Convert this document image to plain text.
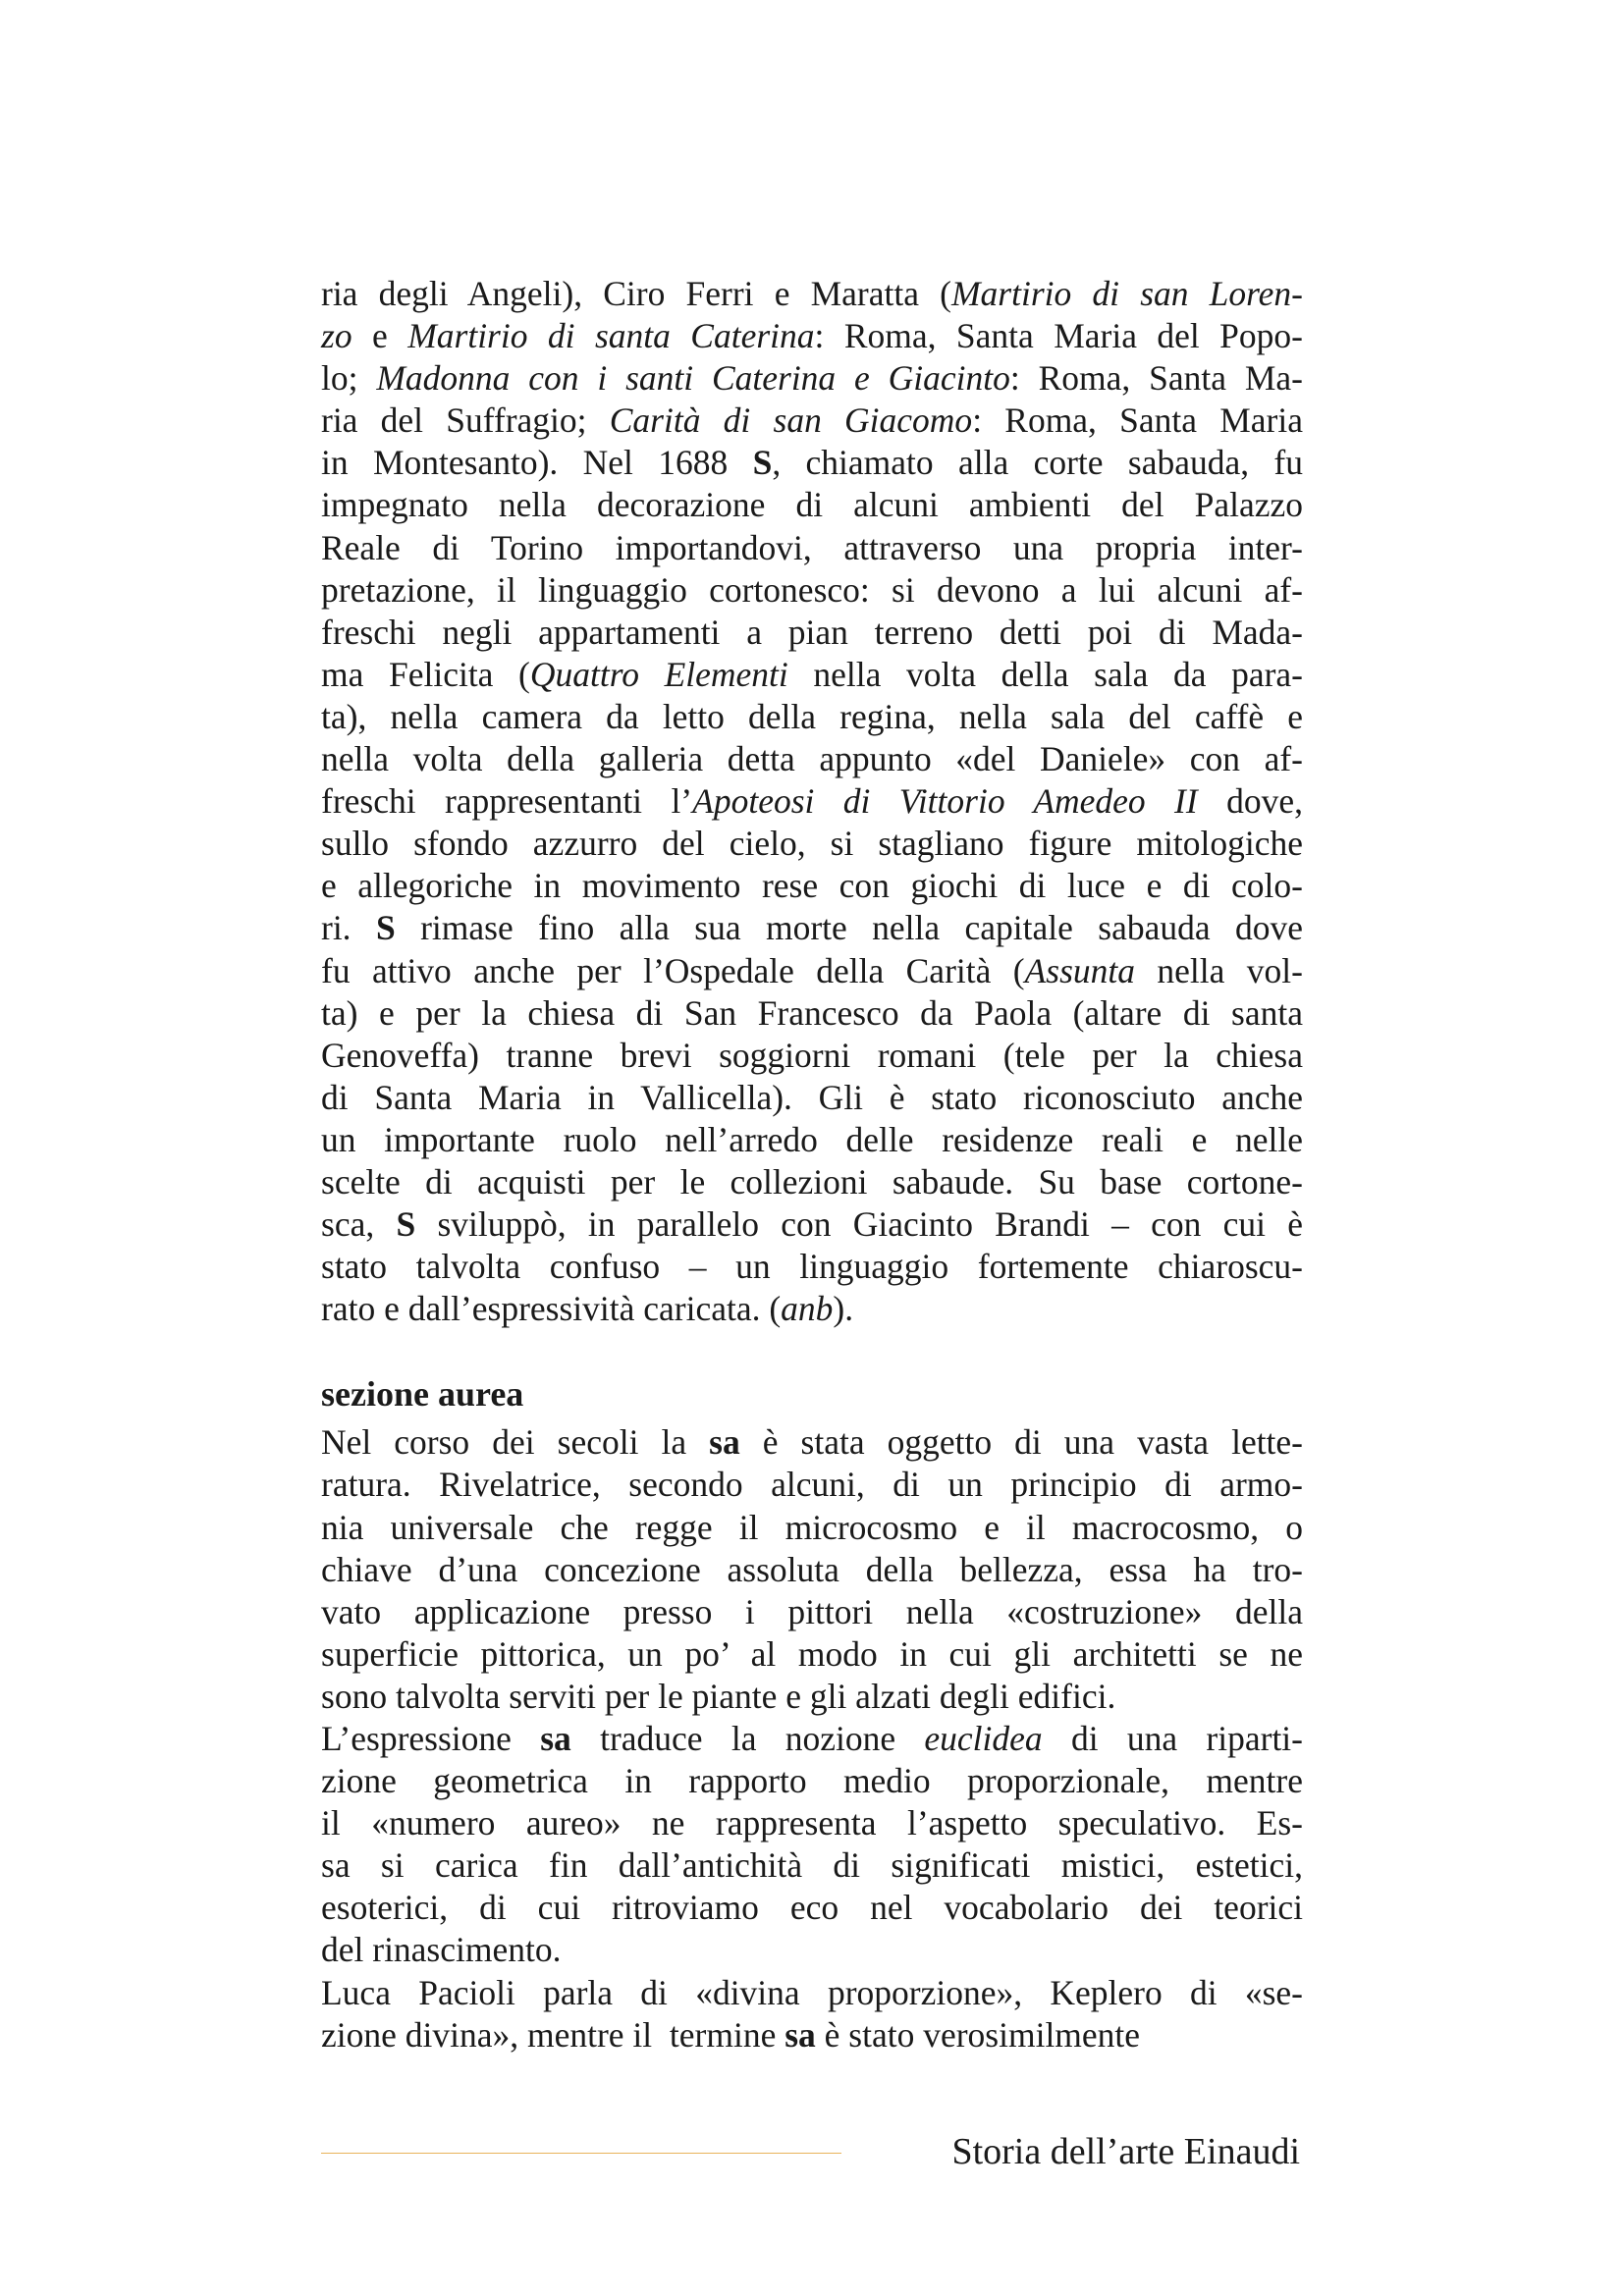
ria degli Angeli), Ciro Ferri e Maratta (Martirio di san Loren-
zo e Martirio di santa Caterina: Roma, Santa Maria del Popo-
lo; Madonna con i santi Caterina e Giacinto: Roma, Santa Ma-
ria del Suffragio; Carità di san Giacomo: Roma, Santa Maria
in Montesanto). Nel 1688 S, chiamato alla corte sabauda, fu
impegnato nella decorazione di alcuni ambienti del Palazzo
Reale di Torino importandovi, attraverso una propria inter-
pretazione, il linguaggio cortonesco: si devono a lui alcuni af-
freschi negli appartamenti a pian terreno detti poi di Mada-
ma Felicita (Quattro Elementi nella volta della sala da para-
ta), nella camera da letto della regina, nella sala del caffè e
nella volta della galleria detta appunto «del Daniele» con af-
freschi rappresentanti l’Apoteosi di Vittorio Amedeo II dove,
sullo sfondo azzurro del cielo, si stagliano figure mitologiche
e allegoriche in movimento rese con giochi di luce e di colo-
ri. S rimase fino alla sua morte nella capitale sabauda dove
fu attivo anche per l’Ospedale della Carità (Assunta nella vol-
ta) e per la chiesa di San Francesco da Paola (altare di santa
Genoveffa) tranne brevi soggiorni romani (tele per la chiesa
di Santa Maria in Vallicella). Gli è stato riconosciuto anche
un importante ruolo nell’arredo delle residenze reali e nelle
scelte di acquisti per le collezioni sabaude. Su base cortone-
sca, S sviluppò, in parallelo con Giacinto Brandi – con cui è
stato talvolta confuso – un linguaggio fortemente chiaroscu-
rato e dall’espressività caricata. (anb).
sezione aurea
Nel corso dei secoli la sa è stata oggetto di una vasta lette-
ratura. Rivelatrice, secondo alcuni, di un principio di armo-
nia universale che regge il microcosmo e il macrocosmo, o
chiave d’una concezione assoluta della bellezza, essa ha tro-
vato applicazione presso i pittori nella «costruzione» della
superficie pittorica, un po’ al modo in cui gli architetti se ne
sono talvolta serviti per le piante e gli alzati degli edifici.
L’espressione sa traduce la nozione euclidea di una riparti-
zione geometrica in rapporto medio proporzionale, mentre
il «numero aureo» ne rappresenta l’aspetto speculativo. Es-
sa si carica fin dall’antichità di significati mistici, estetici,
esoterici, di cui ritroviamo eco nel vocabolario dei teorici
del rinascimento.
Luca Pacioli parla di «divina proporzione», Keplero di «se-
zione divina», mentre il  termine sa è stato verosimilmente
Storia dell’arte Einaudi
